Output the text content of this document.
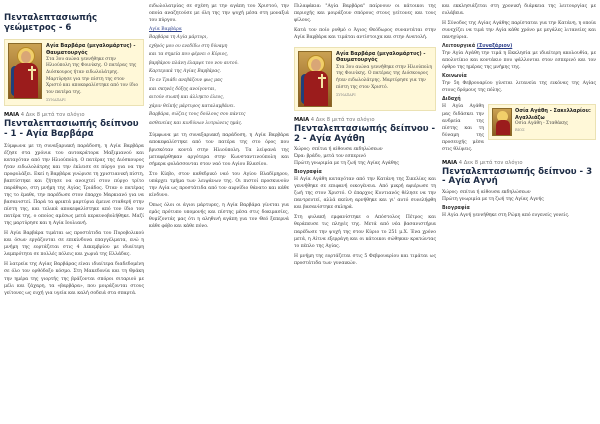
Πενταλεπτασιωπής γεώμετρος - 6
Αγία Βαρβάρα (μεγαλομάρτυς) - Θαυματουργός
Στα 3ου αιώνα γεννήθηκε στην Ηλιούπολη της Φοινίκης. Ο πατέρας της Διόσκουρος ήταν ειδωλολάτρης. Μαρτύρησε για την πίστη της στον Χριστό και αποκεφαλίστηκε από τον ίδιο τον πατέρα της.
ΣΥΝΑΞΑΡΙ
ΜΑΙΑ 4 Δεκ 8 μετά τον αλόγιο
Πενταλεπτασιωπής δείπνου - 1 - Αγία Βαρβάρα

Σύμφωνα με τη συναξαριακή παράδοση, η Αγία Βαρβάρα έζησε στα χρόνια του αυτοκράτορα Μαξιμιανού και καταγόταν από την Ηλιούπολη. Ο πατέρας της Διόσκουρος ήταν ειδωλολάτρης και την έκλεισε σε πύργο για να την προφυλάξει. Εκεί η Βαρβάρα γνώρισε τη χριστιανική πίστη, βαπτίστηκε και ζήτησε να ανοιχτεί στον πύργο τρίτο παράθυρο, στη μνήμη της Αγίας Τριάδος. Όταν ο πατέρας της το έμαθε, την παρέδωσε στον έπαρχο Μαρκιανό για να βασανιστεί. Παρά τα φρικτά μαρτύρια έμεινε σταθερή στην πίστη της, και τελικά αποκεφαλίστηκε από τον ίδιο τον πατέρα της, ο οποίος αμέσως μετά κεραυνοβολήθηκε. Μαζί της μαρτύρησε και η Αγία Ιουλιανή.

Η Αγία Βαρβάρα τιμάται ως προστάτιδα του Πυροβολικού και όσων εργάζονται σε επικίνδυνα επαγγέλματα, ενώ η μνήμη της εορτάζεται στις 4 Δεκεμβρίου με ιδιαίτερη λαμπρότητα σε πολλές πόλεις και χωριά της Ελλάδας.

Η λατρεία της Αγίας Βαρβάρας είναι ιδιαίτερα διαδεδομένη σε όλο τον ορθόδοξο κόσμο. Στη Μακεδονία και τη Θράκη την ημέρα της γιορτής της βράζονται σπόροι σιταριού με μέλι και ζάχαρη, τα «βαρβάρα», που μοιράζονται στους γείτονες ως ευχή για υγεία και καλή σοδειά στα σπαρτά.

ειδωλολατρίας σε σχέση με την αγάπη του Χριστού, την οποία αναζητούσε με όλη της την ψυχή μέσα στη μοναξιά του πύργου.

Αγία Βαρβάρα

Βαρβάρα τη Αγία μάρτυρι,

εχθρός μου ου ενεδίδω στη δύναμη

και τα σημεία που φέρνει ο Κύριος,

βαρβάρου πλάνη έλαμψε του νου αυτού.

Καρτερικά της Αγίας Βαρβάρας.

Το εν Τριάδι ανεβάζουν φως μας

και σκηνές δόξης ανοίγονται,

αιτούν σιωπή και άλληκτο έλεος,

χάριν θεϊκής μάρτυρος καταλαμβάνει.

Βαρβάρα, σώζεις τους δούλους σου πάντες

ασθενείας και κινδύνων λυτρώνεις ημάς.

Σύμφωνα με τη συναξαριακή παράδοση, η Αγία Βαρβάρα αποκεφαλίστηκε από τον πατέρα της στο όρος που βρισκόταν κοντά στην Ηλιούπολη. Τα λείψανά της μεταφέρθηκαν αργότερα στην Κωνσταντινούπολη και σήμερα φυλάσσονται στον ναό του Αγίου Βλασίου.

Στο Κίεβο, στον καθεδρικό ναό του Αγίου Βλαδίμηρου, υπάρχει τμήμα των λειψάνων της. Οι πιστοί προσκυνούν την Αγία ως προστάτιδα από τον αιφνίδιο θάνατο και κάθε κίνδυνο.

Όπως όλοι οι άγιοι μάρτυρες, η Αγία Βαρβάρα γίνεται για εμάς πρότυπο υπομονής και πίστης μέσα στις δοκιμασίες, θυμίζοντάς μας ότι η αληθινή αγάπη για τον Θεό ξεπερνά κάθε φόβο και κάθε πόνο.

Πιλαφάκια: "Αγία Βαρβάρα" παίρνουν οι κάτοικοι της περιοχής και μοιράζουν σπόρους στους γείτονες και τους φίλους.

Κατά τον ποίο ρυθμό ο Άγιος Θεόδωρος συναντάται στην Αγία Βαρβάρα και τιμάται αντίστοιχα και στην Ανατολή.

Αγία Βαρβάρα (μεγαλομάρτυς) - Θαυματουργός
Στα 3ου αιώνα γεννήθηκε στην Ηλιούπολη της Φοινίκης. Ο πατέρας της Διόσκουρος ήταν ειδωλολάτρης. Μαρτύρησε για την πίστη της στον Χριστό.
ΣΥΝΑΞΑΡΙ
ΜΑΙΑ 4 Δεκ 8 μετά τον αλόγιο
Πενταλεπτασιωπής δείπνου - 2 - Αγία Αγάθη

Χώρος: σπίτια ή αίθουσα εκδηλώσεων

Ώρα: βράδυ, μετά τον εσπερινό

Πρώτη γνωριμία με τη ζωή της Αγίας Αγάθης

Βιογραφία

Η Αγία Αγάθη καταγόταν από την Κατάνη της Σικελίας και γεννήθηκε σε επιφανή οικογένεια. Από μικρή αφιέρωσε τη ζωή της στον Χριστό. Ο έπαρχος Κυντιανός θέλησε να την παντρευτεί, αλλά εκείνη αρνήθηκε και γι' αυτό συνελήφθη και βασανίστηκε σκληρά.

Στη φυλακή εμφανίστηκε ο Απόστολος Πέτρος και θεράπευσε τις πληγές της. Μετά από νέα βασανιστήρια παρέδωσε την ψυχή της στον Κύριο το 251 μ.Χ. Ένα χρόνο μετά, η Αίτνα εξερράγη και οι κάτοικοι σώθηκαν κρατώντας το πέπλο της Αγίας.

Η μνήμη της εορτάζεται στις 5 Φεβρουαρίου και τιμάται ως προστάτιδα των γυναικών.

και εκκλησιάζεται στη χρονική διάρκεια της λειτουργίας με ευλάβεια.

Η Σύνοδος της Αγίας Αγάθης παρίσταται για την Κατάνη, η οποία συνεχίζει να τιμά την Αγία κάθε χρόνο με μεγάλες λιτανείες και πανηγύρια.

Λειτουργικά (Συναξάριον)

Την Αγία Αγάθη την τιμά η Εκκλησία με ιδιαίτερη ακολουθία, με απολυτίκιο και κοντάκιο που ψάλλονται στον εσπερινό και τον όρθρο της ημέρας της μνήμης της.

Κοινωνία

Την 5η Φεβρουαρίου γίνεται λιτανεία της εικόνας της Αγίας στους δρόμους της πόλης.

Διδαχή
Οσία Αγάθη - Σακελλαρίου: Αγαλλιάζω
Οσία Αγάθη - Σταθάκης
ΒΙΟΣ

Η Αγία Αγάθη μας διδάσκει την ανδρεία της πίστης και τη δύναμη της προσευχής μέσα στις θλίψεις.

ΜΑΙΑ 4 Δεκ 8 μετά τον αλόγιο
Πενταλεπτασιωπής δείπνου - 3 - Αγία Αγνή

Χώρος: σπίτια ή αίθουσα εκδηλώσεων

Πρώτη γνωριμία με τη ζωή της Αγίας Αγνής

Βιογραφία

Η Αγία Αγνή γεννήθηκε στη Ρώμη από ευγενείς γονείς.
